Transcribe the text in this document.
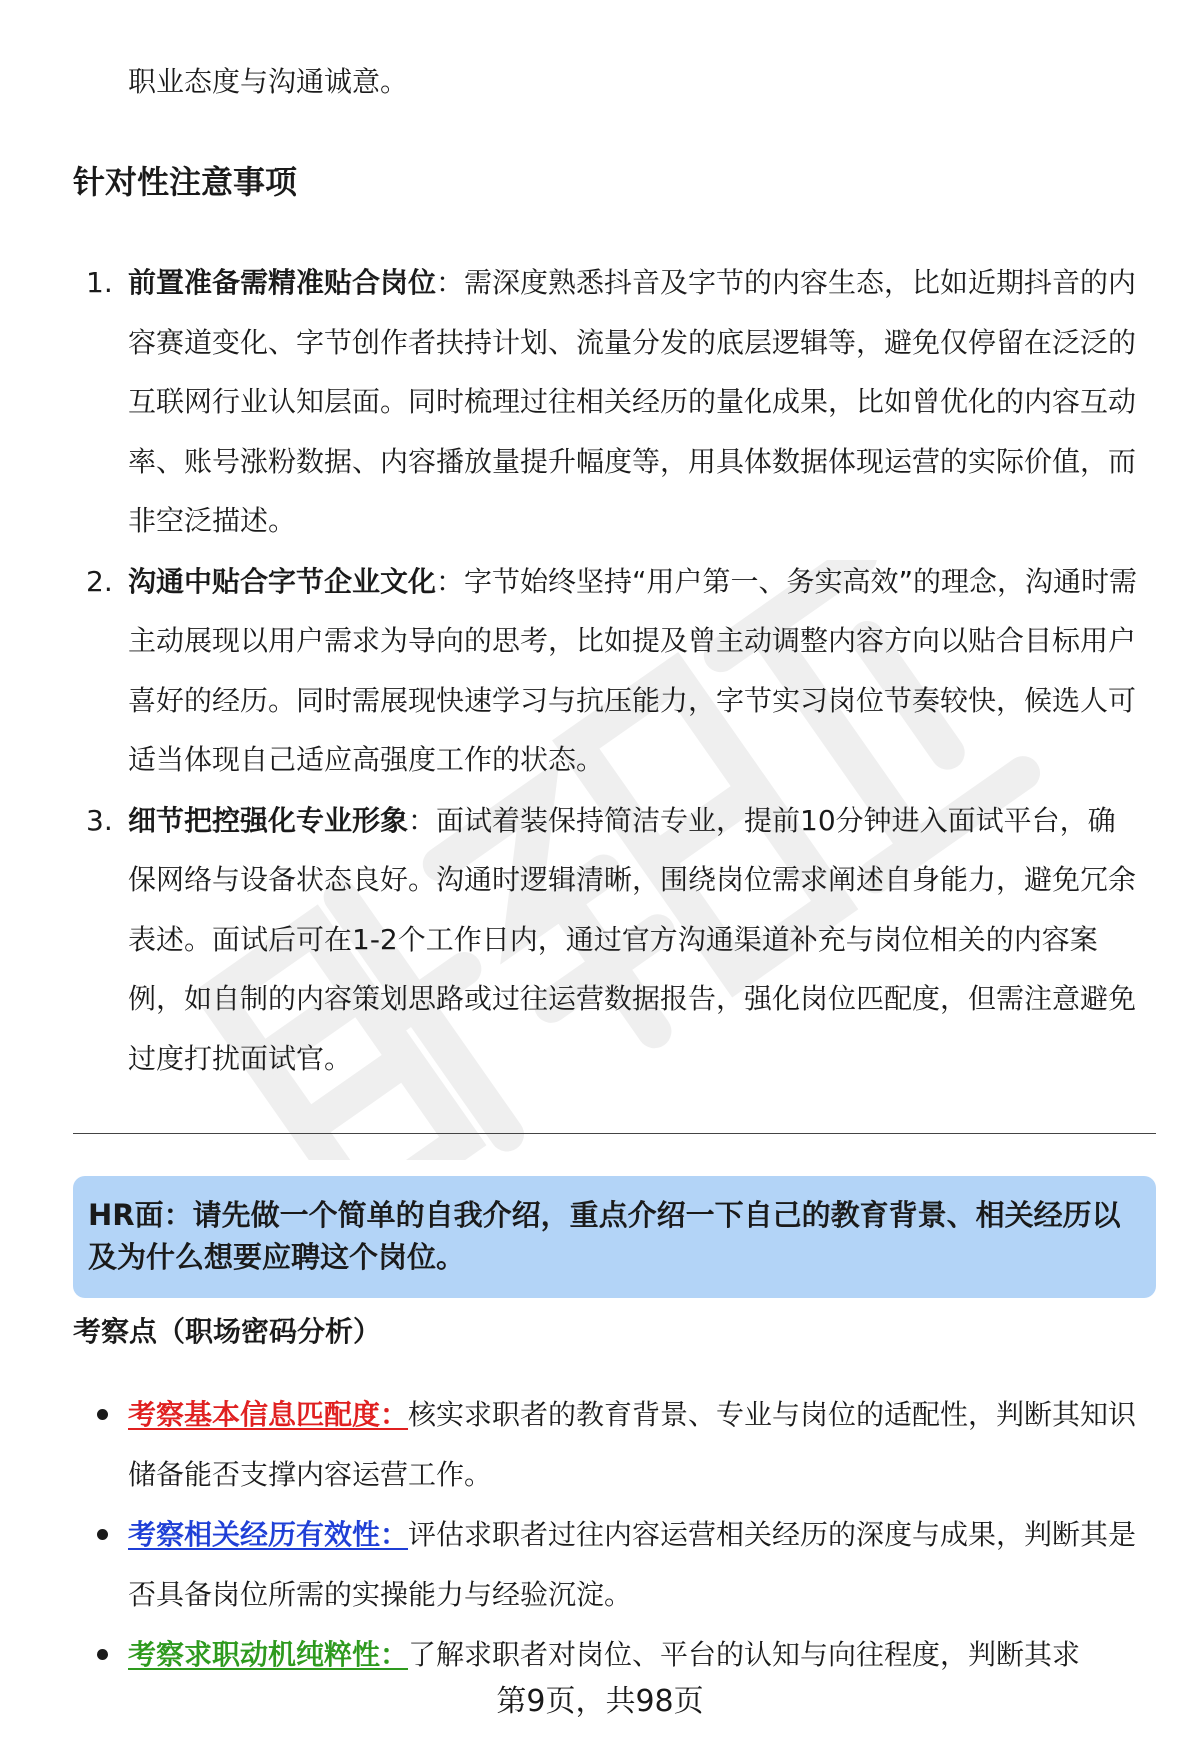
职业态度与沟通诚意。
针对性注意事项
1. 前置准备需精准贴合岗位：需深度熟悉抖音及字节的内容生态，比如近期抖音的内容赛道变化、字节创作者扶持计划、流量分发的底层逻辑等，避免仅停留在泛泛的互联网行业认知层面。同时梳理过往相关经历的量化成果，比如曾优化的内容互动率、账号涨粉数据、内容播放量提升幅度等，用具体数据体现运营的实际价值，而非空泛描述。
2. 沟通中贴合字节企业文化：字节始终坚持“用户第一、务实高效”的理念，沟通时需主动展现以用户需求为导向的思考，比如提及曾主动调整内容方向以贴合目标用户喜好的经历。同时需展现快速学习与抗压能力，字节实习岗位节奏较快，候选人可适当体现自己适应高强度工作的状态。
3. 细节把控强化专业形象：面试着装保持简洁专业，提前10分钟进入面试平台，确保网络与设备状态良好。沟通时逻辑清晰，围绕岗位需求阐述自身能力，避免冗余表述。面试后可在1-2个工作日内，通过官方沟通渠道补充与岗位相关的内容案例，如自制的内容策划思路或过往运营数据报告，强化岗位匹配度，但需注意避免过度打扰面试官。
HR面：请先做一个简单的自我介绍，重点介绍一下自己的教育背景、相关经历以及为什么想要应聘这个岗位。
考察点（职场密码分析）
考察基本信息匹配度：核实求职者的教育背景、专业与岗位的适配性，判断其知识储备能否支撑内容运营工作。
考察相关经历有效性：评估求职者过往内容运营相关经历的深度与成果，判断其是否具备岗位所需的实操能力与经验沉淀。
考察求职动机纯粹性：了解求职者对岗位、平台的认知与向往程度，判断其求
第9页，共98页
